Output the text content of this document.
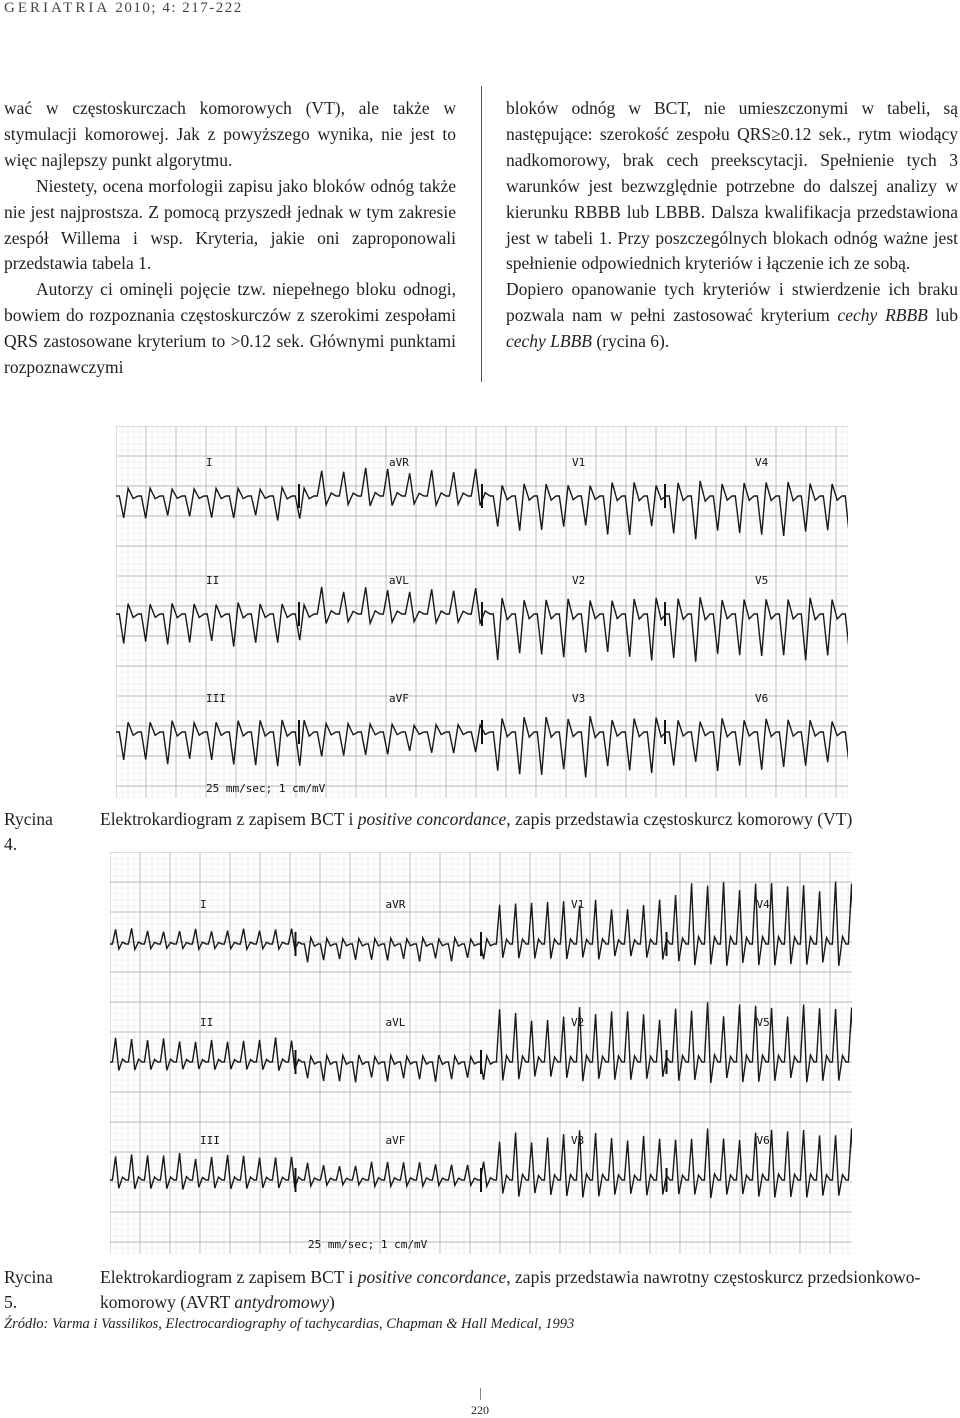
GERIATRIA 2010; 4: 217-222

wać w częstoskurczach komorowych (VT), ale także w stymulacji komorowej. Jak z powyższego wynika, nie jest to więc najlepszy punkt algorytmu.

Niestety, ocena morfologii zapisu jako bloków odnóg także nie jest najprostsza. Z pomocą przyszedł jednak w tym zakresie zespół Willema i wsp. Kryteria, jakie oni zaproponowali przedstawia tabela 1.

Autorzy ci ominęli pojęcie tzw. niepełnego bloku odnogi, bowiem do rozpoznania częstoskurczów z szerokimi zespołami QRS zastosowane kryterium to >0.12 sek. Głównymi punktami rozpoznawczymi

bloków odnóg w BCT, nie umieszczonymi w tabeli, są następujące: szerokość zespołu QRS≥0.12 sek., rytm wiodący nadkomorowy, brak cech preekscytacji. Spełnienie tych 3 warunków jest bezwzględnie potrzebne do dalszej analizy w kierunku RBBB lub LBBB. Dalsza kwalifikacja przedstawiona jest w tabeli 1. Przy poszczególnych blokach odnóg ważne jest spełnienie odpowiednich kryteriów i łączenie ich ze sobą.

Dopiero opanowanie tych kryteriów i stwierdzenie ich braku pozwala nam w pełni zastosować kryterium cechy RBBB lub cechy LBBB (rycina 6).

I	aVR	V1	V4
II	aVL	V2	V5
III	aVF	V3	V6
25 mm/sec; 1 cm/mV
Rycina 4.
Elektrokardiogram z zapisem BCT i positive concordance, zapis przedstawia częstoskurcz komorowy (VT)
I	aVR	V1	V4
II	aVL	V2	V5
III	aVF	V3	V6
25 mm/sec; 1 cm/mV
Rycina 5.
Elektrokardiogram z zapisem BCT i positive concordance, zapis przedstawia nawrotny częstoskurcz przedsionkowo-komorowy (AVRT antydromowy)
Źródło: Varma i Vassilikos, Electrocardiography of tachycardias, Chapman & Hall Medical, 1993
220
